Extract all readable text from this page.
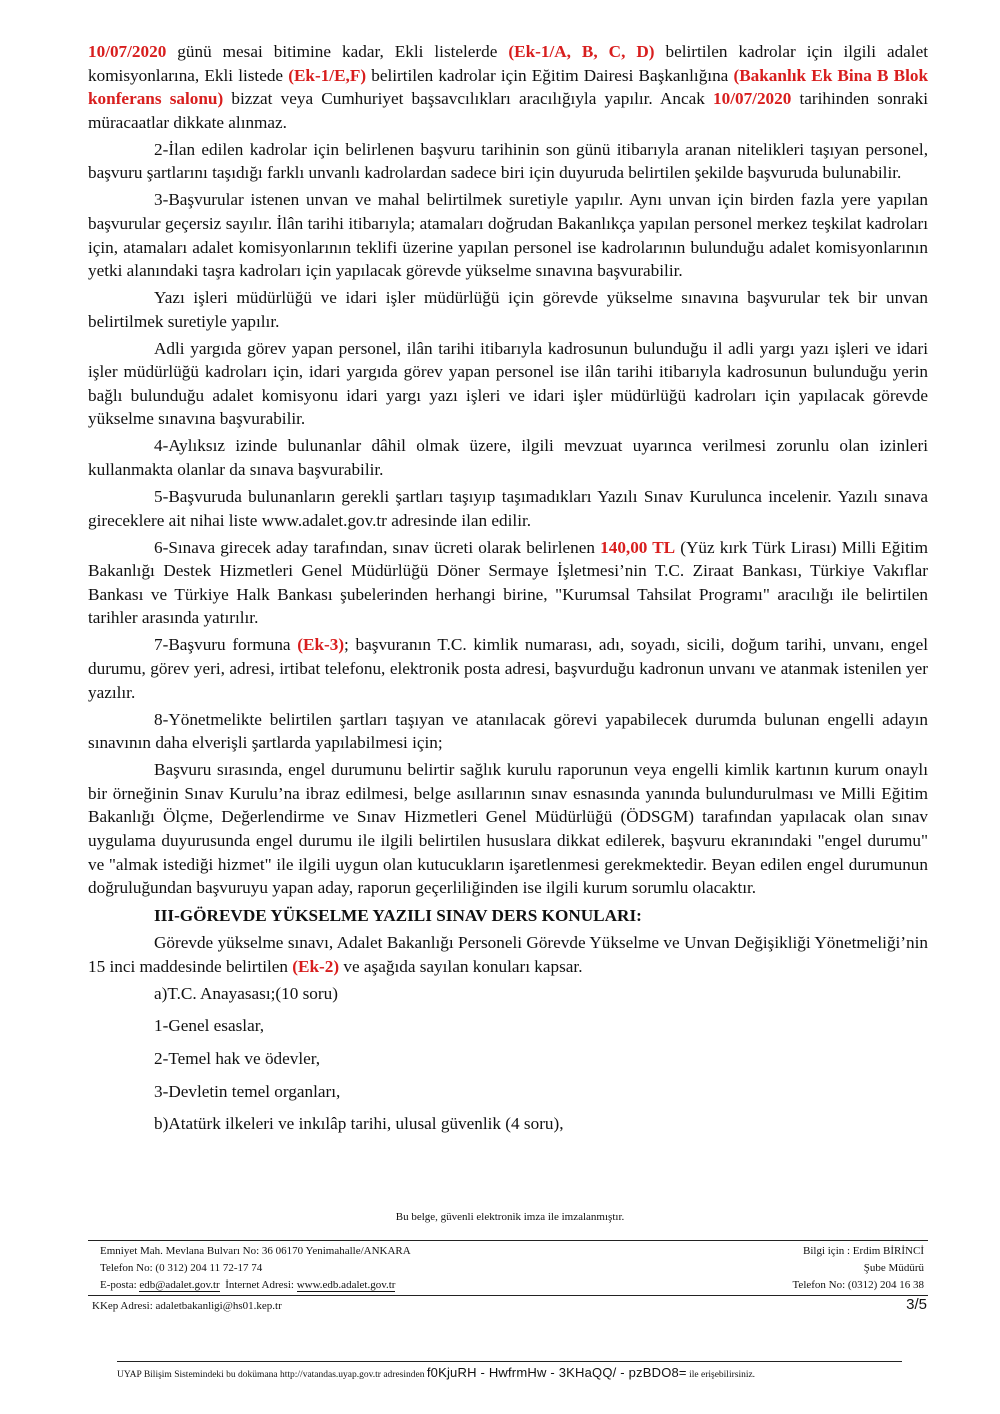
10/07/2020 günü mesai bitimine kadar, Ekli listelerde (Ek-1/A, B, C, D) belirtilen kadrolar için ilgili adalet komisyonlarına, Ekli listede (Ek-1/E,F) belirtilen kadrolar için Eğitim Dairesi Başkanlığına (Bakanlık Ek Bina B Blok konferans salonu) bizzat veya Cumhuriyet başsavcılıkları aracılığıyla yapılır. Ancak 10/07/2020 tarihinden sonraki müracaatlar dikkate alınmaz.

2-İlan edilen kadrolar için belirlenen başvuru tarihinin son günü itibarıyla aranan nitelikleri taşıyan personel, başvuru şartlarını taşıdığı farklı unvanlı kadrolardan sadece biri için duyuruda belirtilen şekilde başvuruda bulunabilir.

3-Başvurular istenen unvan ve mahal belirtilmek suretiyle yapılır. Aynı unvan için birden fazla yere yapılan başvurular geçersiz sayılır. İlân tarihi itibarıyla; atamaları doğrudan Bakanlıkça yapılan personel merkez teşkilat kadroları için, atamaları adalet komisyonlarının teklifi üzerine yapılan personel ise kadrolarının bulunduğu adalet komisyonlarının yetki alanındaki taşra kadroları için yapılacak görevde yükselme sınavına başvurabilir.

Yazı işleri müdürlüğü ve idari işler müdürlüğü için görevde yükselme sınavına başvurular tek bir unvan belirtilmek suretiyle yapılır.

Adli yargıda görev yapan personel, ilân tarihi itibarıyla kadrosunun bulunduğu il adli yargı yazı işleri ve idari işler müdürlüğü kadroları için, idari yargıda görev yapan personel ise ilân tarihi itibarıyla kadrosunun bulunduğu yerin bağlı bulunduğu adalet komisyonu idari yargı yazı işleri ve idari işler müdürlüğü kadroları için yapılacak görevde yükselme sınavına başvurabilir.

4-Aylıksız izinde bulunanlar dâhil olmak üzere, ilgili mevzuat uyarınca verilmesi zorunlu olan izinleri kullanmakta olanlar da sınava başvurabilir.

5-Başvuruda bulunanların gerekli şartları taşıyıp taşımadıkları Yazılı Sınav Kurulunca incelenir. Yazılı sınava gireceklere ait nihai liste www.adalet.gov.tr adresinde ilan edilir.

6-Sınava girecek aday tarafından, sınav ücreti olarak belirlenen 140,00 TL (Yüz kırk Türk Lirası) Milli Eğitim Bakanlığı Destek Hizmetleri Genel Müdürlüğü Döner Sermaye İşletmesi’nin T.C. Ziraat Bankası, Türkiye Vakıflar Bankası ve Türkiye Halk Bankası şubelerinden herhangi birine, "Kurumsal Tahsilat Programı" aracılığı ile belirtilen tarihler arasında yatırılır.

7-Başvuru formuna (Ek-3); başvuranın T.C. kimlik numarası, adı, soyadı, sicili, doğum tarihi, unvanı, engel durumu, görev yeri, adresi, irtibat telefonu, elektronik posta adresi, başvurduğu kadronun unvanı ve atanmak istenilen yer yazılır.

8-Yönetmelikte belirtilen şartları taşıyan ve atanılacak görevi yapabilecek durumda bulunan engelli adayın sınavının daha elverişli şartlarda yapılabilmesi için;

Başvuru sırasında, engel durumunu belirtir sağlık kurulu raporunun veya engelli kimlik kartının kurum onaylı bir örneğinin Sınav Kurulu’na ibraz edilmesi, belge asıllarının sınav esnasında yanında bulundurulması ve Milli Eğitim Bakanlığı Ölçme, Değerlendirme ve Sınav Hizmetleri Genel Müdürlüğü (ÖDSGM) tarafından yapılacak olan sınav uygulama duyurusunda engel durumu ile ilgili belirtilen hususlara dikkat edilerek, başvuru ekranındaki "engel durumu" ve "almak istediği hizmet" ile ilgili uygun olan kutucukların işaretlenmesi gerekmektedir. Beyan edilen engel durumunun doğruluğundan başvuruyu yapan aday, raporun geçerliliğinden ise ilgili kurum sorumlu olacaktır.

III-GÖREVDE YÜKSELME YAZILI SINAV DERS KONULARI:

Görevde yükselme sınavı, Adalet Bakanlığı Personeli Görevde Yükselme ve Unvan Değişikliği Yönetmeliği’nin 15 inci maddesinde belirtilen (Ek-2) ve aşağıda sayılan konuları kapsar.

a)T.C. Anayasası;(10 soru)
1-Genel esaslar,
2-Temel hak ve ödevler,
3-Devletin temel organları,
b)Atatürk ilkeleri ve inkılâp tarihi, ulusal güvenlik (4 soru),
Bu belge, güvenli elektronik imza ile imzalanmıştır.
Emniyet Mah. Mevlana Bulvarı No: 36 06170 Yenimahalle/ANKARA
Telefon No: (0 312) 204 11 72-17 74
E-posta: edb@adalet.gov.tr İnternet Adresi: www.edb.adalet.gov.tr
Bilgi için : Erdim BİRİNCİ
Şube Müdürü
Telefon No: (0312) 204 16 38
KKep Adresi: adaletbakanligi@hs01.kep.tr	3/5
UYAP Bilişim Sistemindeki bu dokümana http://vatandas.uyap.gov.tr adresinden f0KjuRH - HwfrmHw - 3KHaQQ/ - pzBDO8= ile erişebilirsiniz.
